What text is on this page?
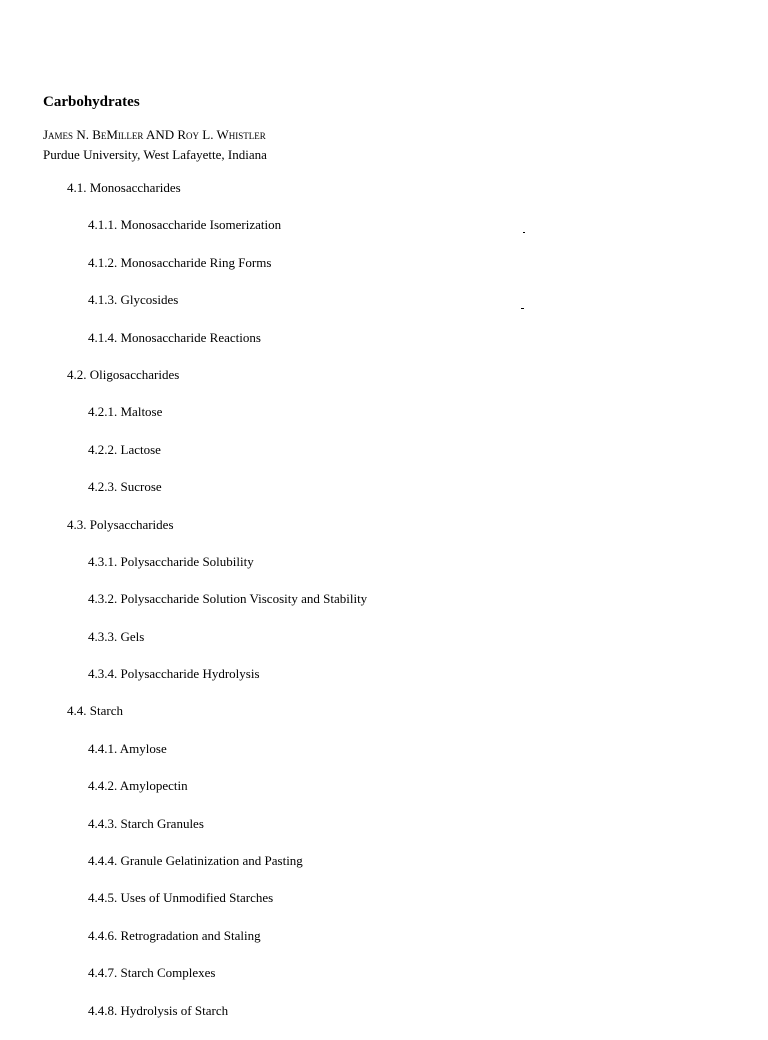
Carbohydrates
James N. BeMiller AND Roy L. Whistler
Purdue University, West Lafayette, Indiana
4.1. Monosaccharides
4.1.1. Monosaccharide Isomerization
4.1.2. Monosaccharide Ring Forms
4.1.3. Glycosides
4.1.4. Monosaccharide Reactions
4.2. Oligosaccharides
4.2.1. Maltose
4.2.2. Lactose
4.2.3. Sucrose
4.3. Polysaccharides
4.3.1. Polysaccharide Solubility
4.3.2. Polysaccharide Solution Viscosity and Stability
4.3.3. Gels
4.3.4. Polysaccharide Hydrolysis
4.4. Starch
4.4.1. Amylose
4.4.2. Amylopectin
4.4.3. Starch Granules
4.4.4. Granule Gelatinization and Pasting
4.4.5. Uses of Unmodified Starches
4.4.6. Retrogradation and Staling
4.4.7. Starch Complexes
4.4.8. Hydrolysis of Starch
